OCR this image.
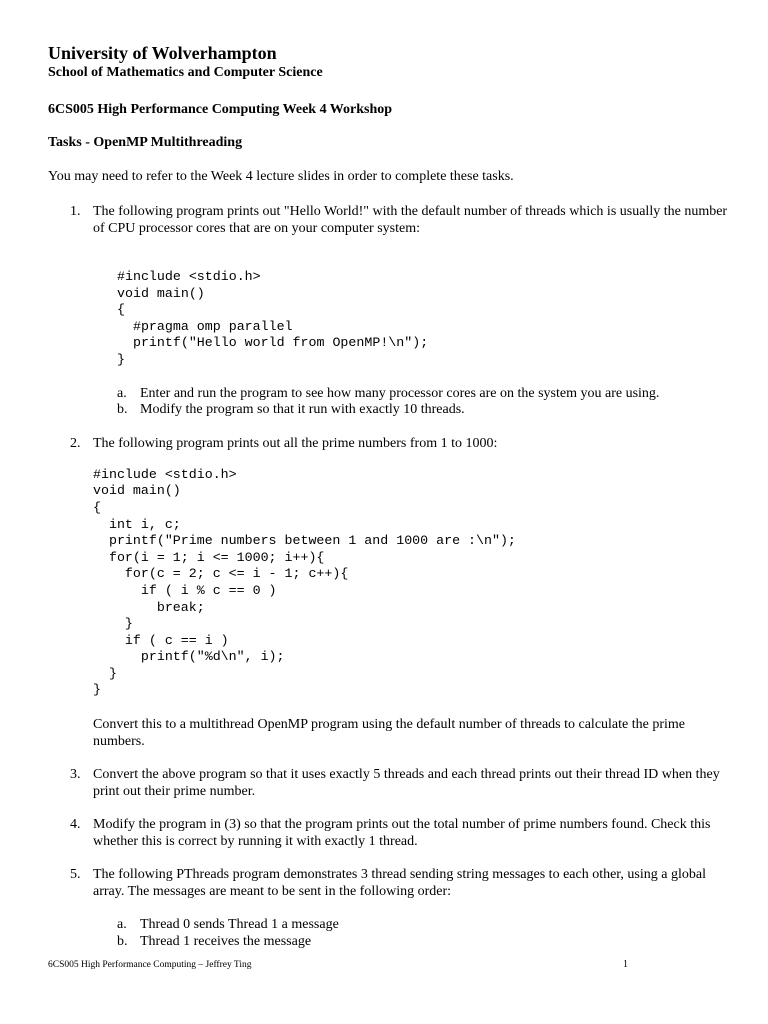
University of Wolverhampton

School of Mathematics and Computer Science

6CS005 High Performance Computing Week 4 Workshop

Tasks - OpenMP Multithreading

You may need to refer to the Week 4 lecture slides in order to complete these tasks.

1. The following program prints out "Hello World!" with the default number of threads which is usually the number of CPU processor cores that are on your computer system:
#include <stdio.h>
void main()
{
#pragma omp parallel
printf("Hello world from OpenMP!\n");
}
a. Enter and run the program to see how many processor cores are on the system you are using.
b. Modify the program so that it run with exactly 10 threads.
2. The following program prints out all the prime numbers from 1 to 1000:
#include <stdio.h>
void main()
{
int i, c;
printf("Prime numbers between 1 and 1000 are :\n");
for(i = 1; i <= 1000; i++){
for(c = 2; c <= i - 1; c++){
if ( i % c == 0 )
break;
}
if ( c == i )
printf("%d\n", i);
}
}
Convert this to a multithread OpenMP program using the default number of threads to calculate the prime numbers.
3. Convert the above program so that it uses exactly 5 threads and each thread prints out their thread ID when they print out their prime number.
4. Modify the program in (3) so that the program prints out the total number of prime numbers found. Check this whether this is correct by running it with exactly 1 thread.
5. The following PThreads program demonstrates 3 thread sending string messages to each other, using a global array. The messages are meant to be sent in the following order:
a. Thread 0 sends Thread 1 a message
b. Thread 1 receives the message
6CS005 High Performance Computing – Jeffrey Ting	1
